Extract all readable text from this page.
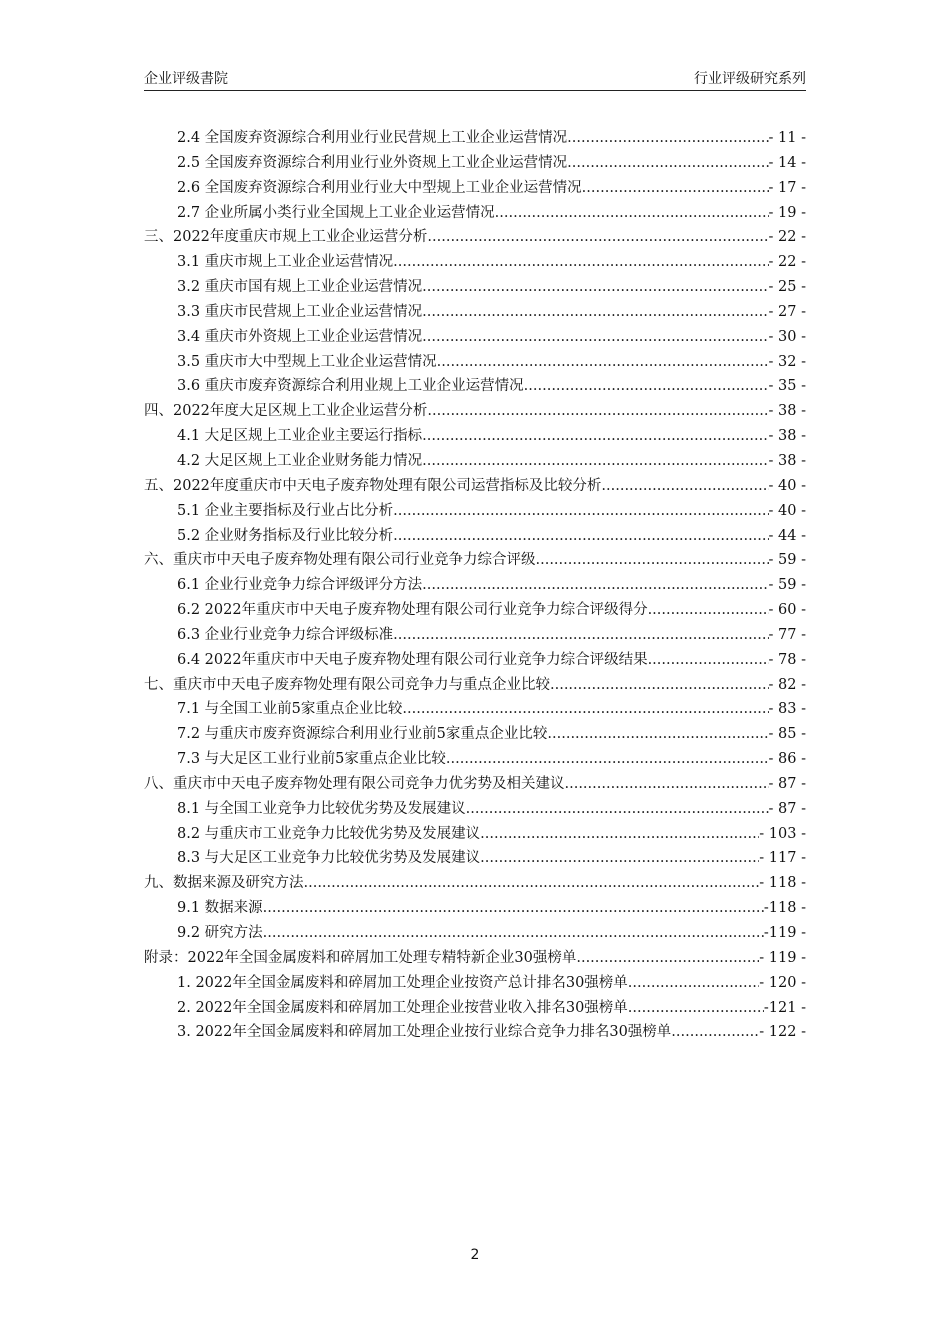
企业评级書院	行业评级研究系列
2.4 全国废弃资源综合利用业行业民营规上工业企业运营情况 .....	- 11 -
2.5 全国废弃资源综合利用业行业外资规上工业企业运营情况 .....	- 14 -
2.6 全国废弃资源综合利用业行业大中型规上工业企业运营情况 .....	- 17 -
2.7 企业所属小类行业全国规上工业企业运营情况 .....	- 19 -
三、2022年度重庆市规上工业企业运营分析 .....	- 22 -
3.1 重庆市规上工业企业运营情况 .....	- 22 -
3.2 重庆市国有规上工业企业运营情况 .....	- 25 -
3.3 重庆市民营规上工业企业运营情况 .....	- 27 -
3.4 重庆市外资规上工业企业运营情况 .....	- 30 -
3.5 重庆市大中型规上工业企业运营情况 .....	- 32 -
3.6 重庆市废弃资源综合利用业规上工业企业运营情况 .....	- 35 -
四、2022年度大足区规上工业企业运营分析 .....	- 38 -
4.1 大足区规上工业企业主要运行指标 .....	- 38 -
4.2 大足区规上工业企业财务能力情况 .....	- 38 -
五、2022年度重庆市中天电子废弃物处理有限公司运营指标及比较分析 .....	- 40 -
5.1 企业主要指标及行业占比分析 .....	- 40 -
5.2 企业财务指标及行业比较分析 .....	- 44 -
六、重庆市中天电子废弃物处理有限公司行业竞争力综合评级 .....	- 59 -
6.1 企业行业竞争力综合评级评分方法 .....	- 59 -
6.2 2022年重庆市中天电子废弃物处理有限公司行业竞争力综合评级得分 .....	- 60 -
6.3 企业行业竞争力综合评级标准 .....	- 77 -
6.4 2022年重庆市中天电子废弃物处理有限公司行业竞争力综合评级结果 .....	- 78 -
七、重庆市中天电子废弃物处理有限公司竞争力与重点企业比较 .....	- 82 -
7.1 与全国工业前5家重点企业比较 .....	- 83 -
7.2 与重庆市废弃资源综合利用业行业前5家重点企业比较 .....	- 85 -
7.3 与大足区工业行业前5家重点企业比较 .....	- 86 -
八、重庆市中天电子废弃物处理有限公司竞争力优劣势及相关建议 .....	- 87 -
8.1 与全国工业竞争力比较优劣势及发展建议 .....	- 87 -
8.2 与重庆市工业竞争力比较优劣势及发展建议 .....	- 103 -
8.3 与大足区工业竞争力比较优劣势及发展建议 .....	- 117 -
九、数据来源及研究方法 .....	- 118 -
9.1 数据来源 .....	-118 -
9.2 研究方法 .....	-119 -
附录：2022年全国金属废料和碎屑加工处理专精特新企业30强榜单 .....	- 119 -
1. 2022年全国金属废料和碎屑加工处理企业按资产总计排名30强榜单 .....	- 120 -
2. 2022年全国金属废料和碎屑加工处理企业按营业收入排名30强榜单 .....	-121 -
3. 2022年全国金属废料和碎屑加工处理企业按行业综合竞争力排名30强榜单 .....	- 122 -
2
